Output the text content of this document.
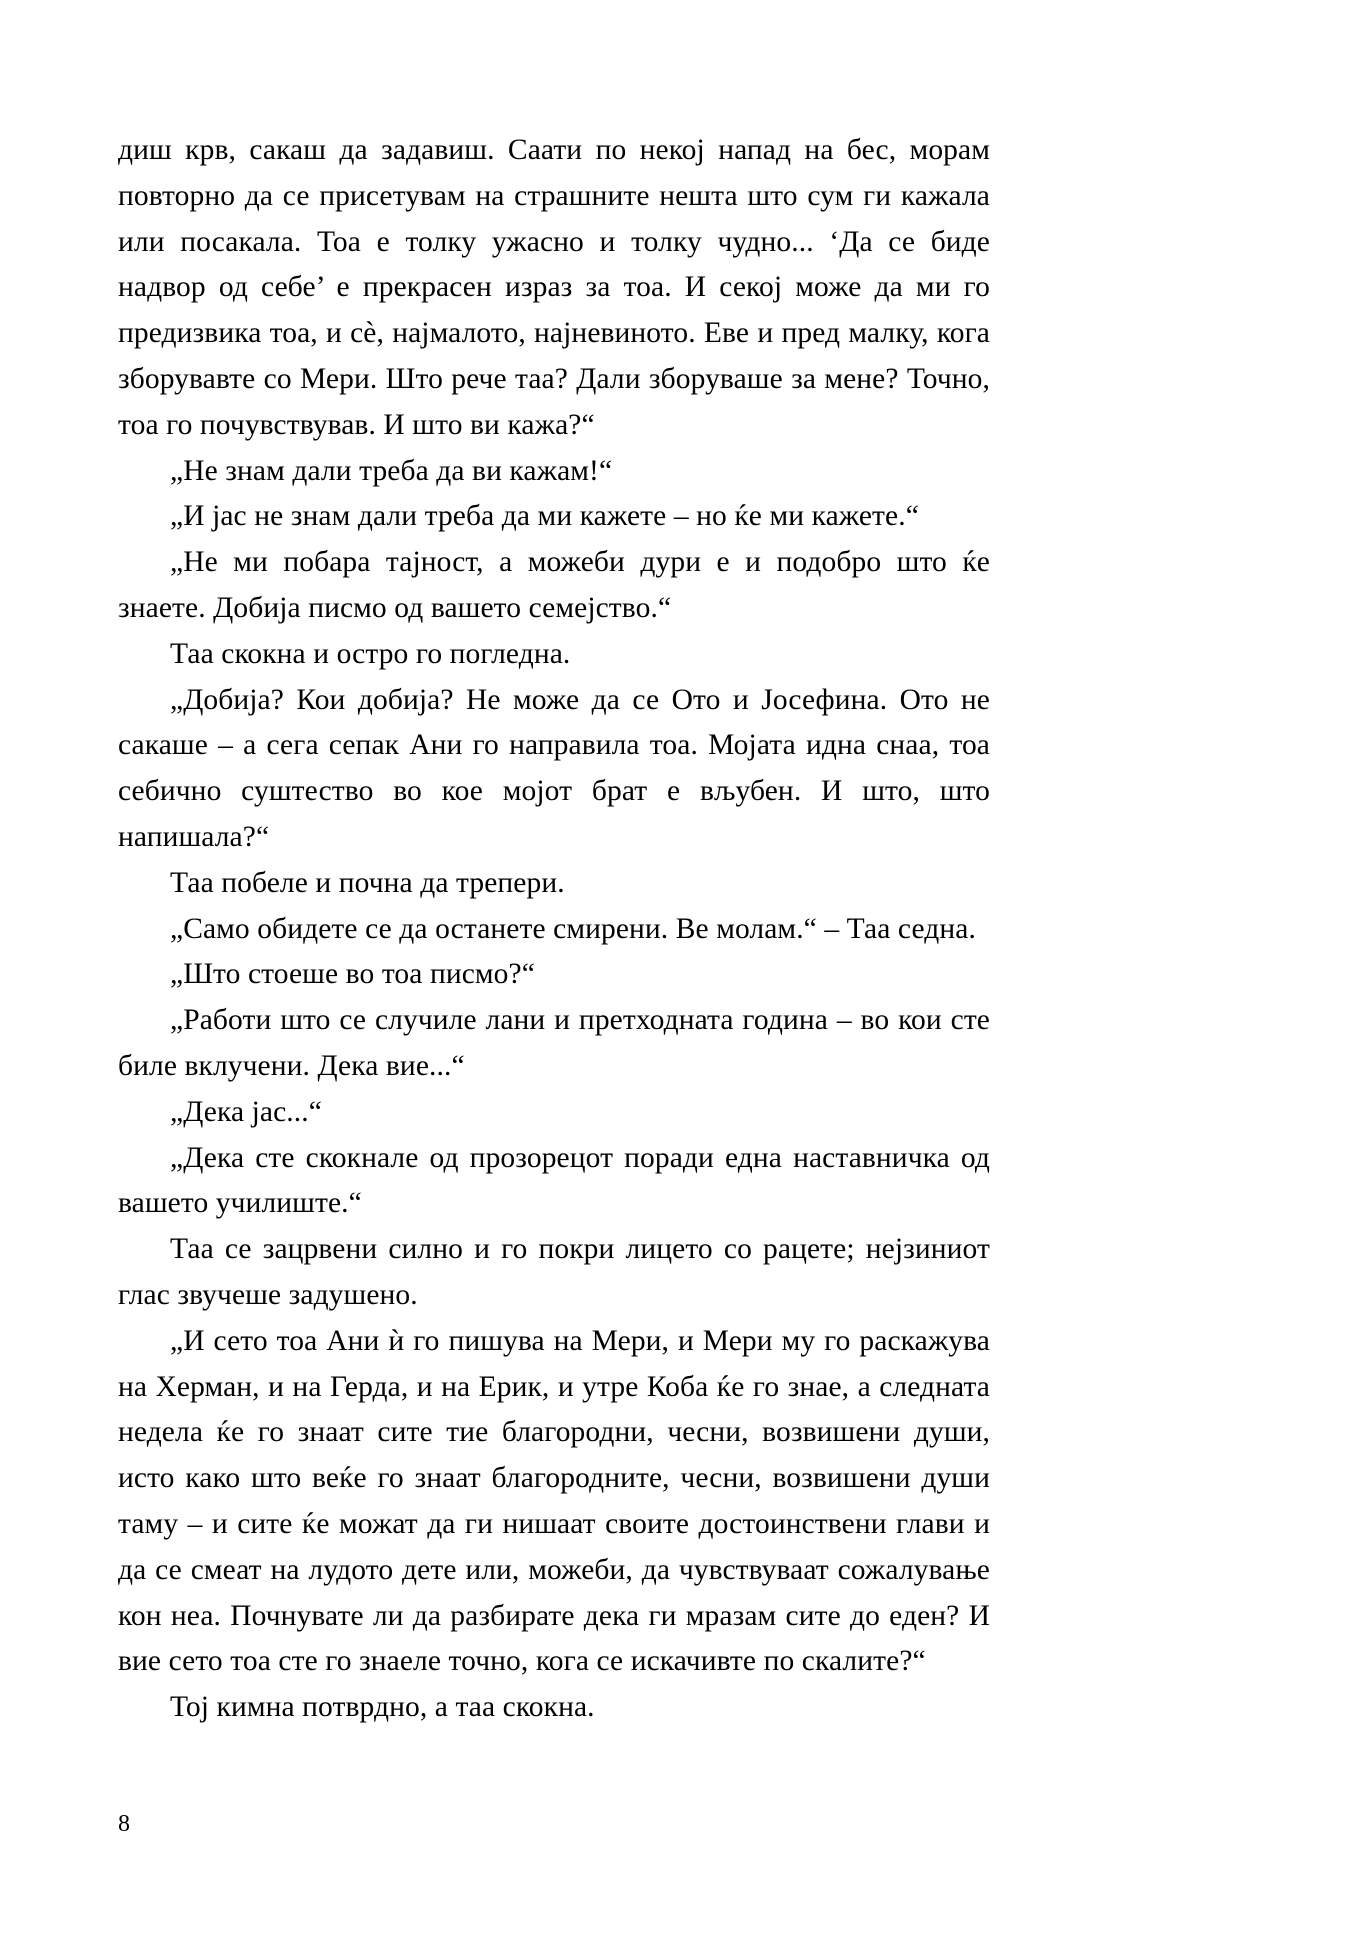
диш крв, сакаш да задавиш. Саати по некој напад на бес, морам повторно да се присетувам на страшните нешта што сум ги кажала или посакала. Тоа е толку ужасно и толку чудно... ‘Да се биде надвор од себе’ е прекрасен израз за тоа. И секој може да ми го предизвика тоа, и сѐ, најмалото, најневиното. Еве и пред малку, кога зборувавте со Мери. Што рече таа? Дали зборуваше за мене? Точно, тоа го почувствував. И што ви кажа?“

„Не знам дали треба да ви кажам!“

„И јас не знам дали треба да ми кажете – но ќе ми кажете.“

„Не ми побара тајност, а можеби дури е и подобро што ќе знаете. Добија писмо од вашето семејство.“

Таа скокна и остро го погледна.

„Добија? Кои добија? Не може да се Ото и Јосефина. Ото не сакаше – а сега сепак Ани го направила тоа. Мојата идна снаа, тоа себично суштество во кое мојот брат е вљубен. И што, што напишала?“

Таа побеле и почна да трепери.

„Само обидете се да останете смирени. Ве молам.“ – Таа седна.

„Што стоеше во тоа писмо?“

„Работи што се случиле лани и претходната година – во кои сте биле вклучени. Дека вие...“

„Дека јас...“

„Дека сте скокнале од прозорецот поради една наставничка од вашето училиште.“

Таа се зацрвени силно и го покри лицето со рацете; нејзиниот глас звучеше задушено.

„И сето тоа Ани ѝ го пишува на Мери, и Мери му го раскажува на Херман, и на Герда, и на Ерик, и утре Коба ќе го знае, а следната недела ќе го знаат сите тие благородни, чесни, возвишени души, исто како што веќе го знаат благородните, чесни, возвишени души таму – и сите ќе можат да ги нишаат своите достоинствени глави и да се смеат на лудото дете или, можеби, да чувствуваат сожалување кон неа. Почнувате ли да разбирате дека ги мразам сите до еден? И вие сето тоа сте го знаеле точно, кога се искачивте по скалите?“

Тој кимна потврдно, а таа скокна.

8
